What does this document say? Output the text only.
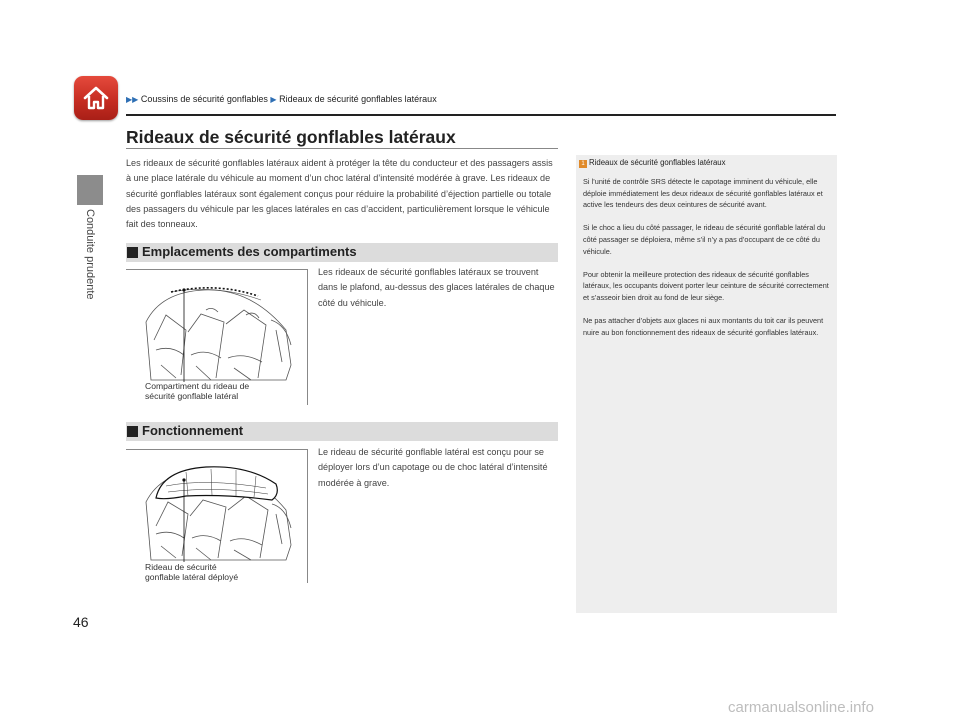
Conduite prudente
▶▶ Coussins de sécurité gonflables ▶ Rideaux de sécurité gonflables latéraux
Rideaux de sécurité gonflables latéraux
Les rideaux de sécurité gonflables latéraux aident à protéger la tête du conducteur et des passagers assis à une place latérale du véhicule au moment d’un choc latéral d’intensité modérée à grave. Les rideaux de sécurité gonflables latéraux sont également conçus pour réduire la probabilité d’éjection partielle ou totale des passagers du véhicule par les glaces latérales en cas d’accident, particulièrement lorsque le véhicule fait des tonneaux.
Emplacements des compartiments
Compartiment du rideau de
sécurité gonflable latéral
Les rideaux de sécurité gonflables latéraux se trouvent dans le plafond, au-dessus des glaces latérales de chaque côté du véhicule.
Fonctionnement
Rideau de sécurité
gonflable latéral déployé
Le rideau de sécurité gonflable latéral est conçu pour se déployer lors d’un capotage ou de choc latéral d’intensité modérée à grave.
1 Rideaux de sécurité gonflables latéraux

Si l’unité de contrôle SRS détecte le capotage imminent du véhicule, elle déploie immédiatement les deux rideaux de sécurité gonflables latéraux et active les tendeurs des deux ceintures de sécurité avant.

Si le choc a lieu du côté passager, le rideau de sécurité gonflable latéral du côté passager se déploiera, même s’il n’y a pas d’occupant de ce côté du véhicule.

Pour obtenir la meilleure protection des rideaux de sécurité gonflables latéraux, les occupants doivent porter leur ceinture de sécurité correctement et s’asseoir bien droit au fond de leur siège.

Ne pas attacher d’objets aux glaces ni aux montants du toit car ils peuvent nuire au bon fonctionnement des rideaux de sécurité gonflables latéraux.

46
carmanualsonline.info
